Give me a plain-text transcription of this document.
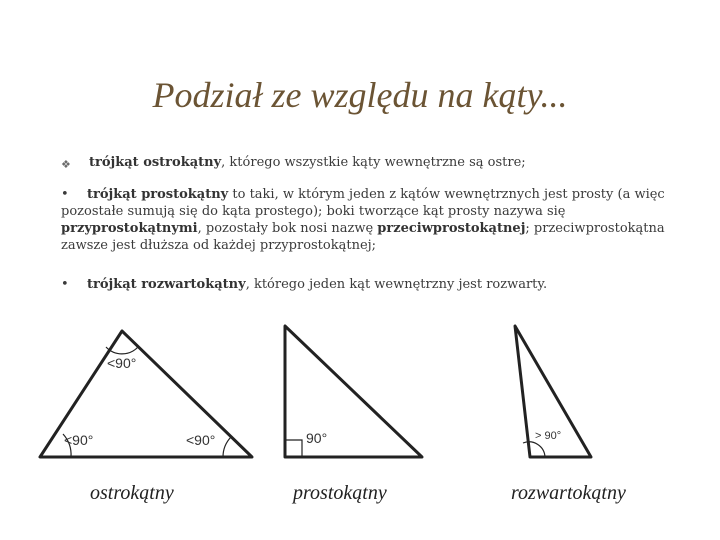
Podział ze względu na kąty...
❖ trójkąt ostrokątny, którego wszystkie kąty wewnętrzne są ostre;

• trójkąt prostokątny to taki, w którym jeden z kątów wewnętrznych jest prosty (a więc pozostałe sumują się do kąta prostego); boki tworzące kąt prosty nazywa się przyprostokątnymi, pozostały bok nosi nazwę przeciwprostokątnej; przeciwprostokątna zawsze jest dłuższa od każdej przyprostokątnej;

• trójkąt rozwartokątny, którego jeden kąt wewnętrzny jest rozwarty.

<90°
<90°	<90°	90°	> 90°
ostrokątny	prostokątny	rozwartokątny
